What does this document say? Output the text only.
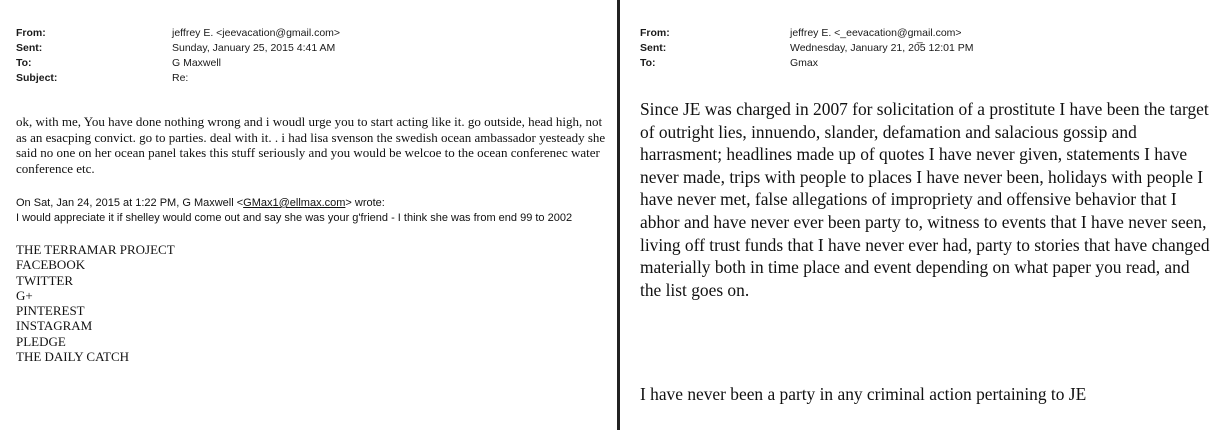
From:	jeffrey E. <jeevacation@gmail.com>
Sent:	Sunday, January 25, 2015 4:41 AM
To:	G Maxwell
Subject:	Re:

ok, with me, You have done nothing wrong and i woudl urge you to start acting like it. go outside, head high, not as an esacping convict. go to parties. deal with it. . i had lisa svenson the swedish ocean ambassador yesteady she said no one on her ocean panel takes this stuff seriously and you would be welcoe to the ocean conferenec water conference etc.

On Sat, Jan 24, 2015 at 1:22 PM, G Maxwell <GMax1@ellmax.com> wrote:
I would appreciate it if shelley would come out and say she was your g'friend - I think she was from end 99 to 2002
THE TERRAMAR PROJECT
FACEBOOK
TWITTER
G+
PINTEREST
INSTAGRAM
PLEDGE
THE DAILY CATCH
From:	jeffrey E. <_eevacation@gmail.com>
Sent:	Wednesday, January 21, 20̅5 12:01 PM
To:	Gmax

Since JE was charged in 2007 for solicitation of a prostitute I have been the target of outright lies, innuendo, slander, defamation and salacious gossip and harrasment; headlines made up of quotes I have never given, statements I have never made, trips with people to places I have never been, holidays with people I have never met, false allegations of impropriety and offensive behavior that I abhor and have never ever been party to, witness to events that I have never seen, living off trust funds that I have never ever had, party to stories that have changed materially both in time place and event depending on what paper you read, and the list goes on.

I have never been a party in any criminal action pertaining to JE
